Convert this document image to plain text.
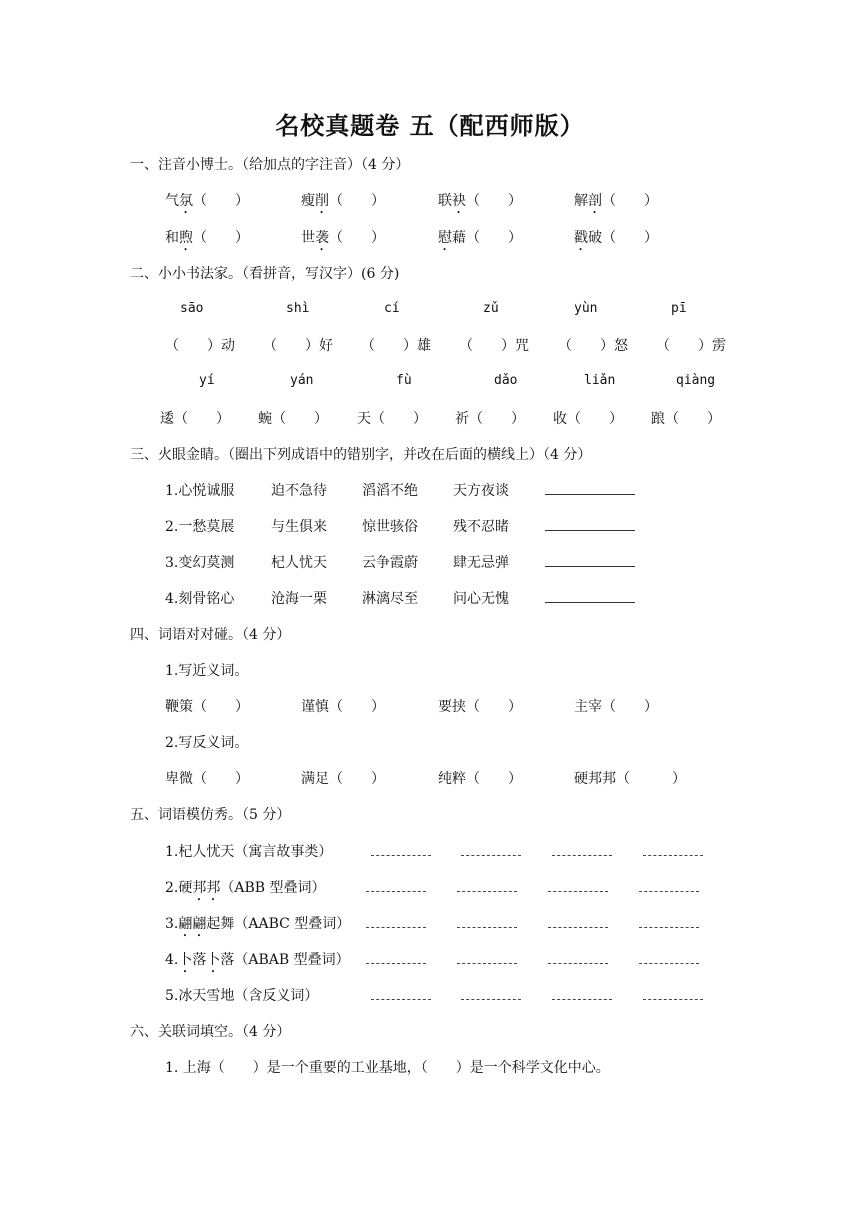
名校真题卷 五（配西师版）
一、注音小博士。（给加点的字注音）（4 分）
气氛（　　）	瘦削（　　）	联袂（　　）	解剖（　　）
和煦（　　）	世袭（　　）	慰藉（　　）	戳破（　　）
二、小小书法家。（看拼音，写汉字）(6 分)
sāo	shì	cí	zǔ	yùn	pī
（　　）动 （　　）好 （　　）雄 （　　）咒 （　　）怒 （　　）雳
yí	yán	fù	dǎo	liǎn	qiàng
逶（　　） 蜿（　　） 天（　　） 祈（　　） 收（　　） 踉（　　）
三、火眼金睛。（圈出下列成语中的错别字，并改在后面的横线上）（4 分）
1.心悦诚服	迫不急待	滔滔不绝	天方夜谈
2.一愁莫展	与生俱来	惊世骇俗	残不忍睹
3.变幻莫测	杞人忧天	云争霞蔚	肆无忌弹
4.刻骨铭心	沧海一栗	淋漓尽至	问心无愧
四、词语对对碰。（4 分）
1.写近义词。
鞭策（　　）	谨慎（　　）	要挟（　　）	主宰（　　）
2.写反义词。
卑微（　　）	满足（　　）	纯粹（　　）	硬邦邦（　　　）
五、词语模仿秀。（5 分）
1.杞人忧天（寓言故事类）
2.硬邦邦（ABB 型叠词）
3.翩翩起舞（AABC 型叠词）
4.卜落卜落（ABAB 型叠词）
5.冰天雪地（含反义词）
六、关联词填空。（4 分）
1. 上海（　　）是一个重要的工业基地，（　　）是一个科学文化中心。
